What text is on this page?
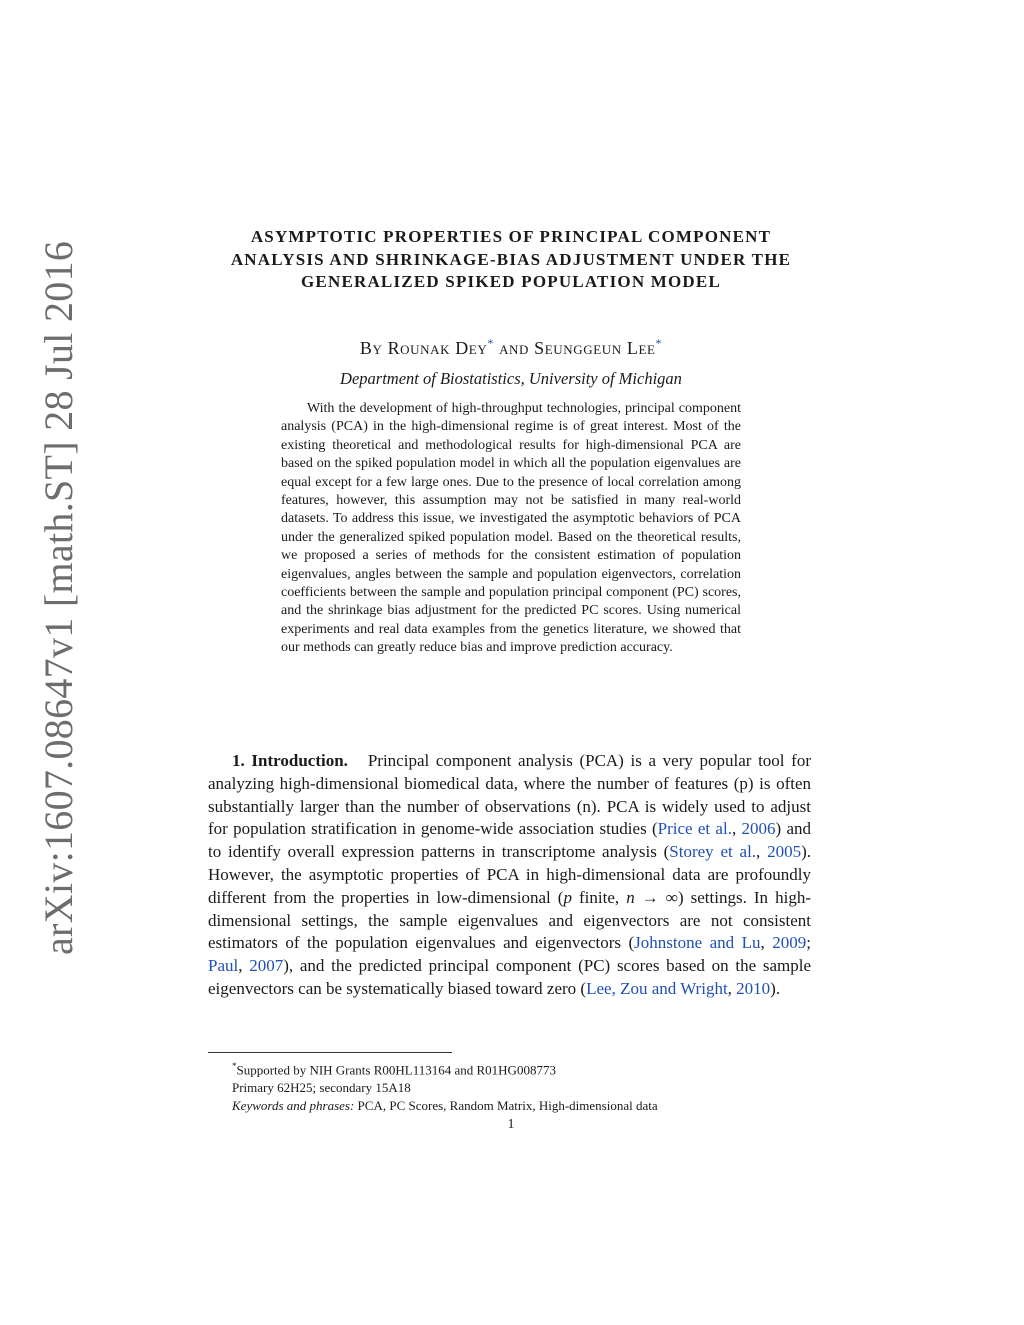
arXiv:1607.08647v1 [math.ST] 28 Jul 2016
ASYMPTOTIC PROPERTIES OF PRINCIPAL COMPONENT ANALYSIS AND SHRINKAGE-BIAS ADJUSTMENT UNDER THE GENERALIZED SPIKED POPULATION MODEL
By Rounak Dey* and Seunggeun Lee*
Department of Biostatistics, University of Michigan
With the development of high-throughput technologies, principal component analysis (PCA) in the high-dimensional regime is of great interest. Most of the existing theoretical and methodological results for high-dimensional PCA are based on the spiked population model in which all the population eigenvalues are equal except for a few large ones. Due to the presence of local correlation among features, however, this assumption may not be satisfied in many real-world datasets. To address this issue, we investigated the asymptotic behaviors of PCA under the generalized spiked population model. Based on the theoretical results, we proposed a series of methods for the consistent estimation of population eigenvalues, angles between the sample and population eigenvectors, correlation coefficients between the sample and population principal component (PC) scores, and the shrinkage bias adjustment for the predicted PC scores. Using numerical experiments and real data examples from the genetics literature, we showed that our methods can greatly reduce bias and improve prediction accuracy.
1. Introduction. Principal component analysis (PCA) is a very popular tool for analyzing high-dimensional biomedical data, where the number of features (p) is often substantially larger than the number of observations (n). PCA is widely used to adjust for population stratification in genome-wide association studies (Price et al., 2006) and to identify overall expression patterns in transcriptome analysis (Storey et al., 2005). However, the asymptotic properties of PCA in high-dimensional data are profoundly different from the properties in low-dimensional (p finite, n → ∞) settings. In high-dimensional settings, the sample eigenvalues and eigenvectors are not consistent estimators of the population eigenvalues and eigenvectors (Johnstone and Lu, 2009; Paul, 2007), and the predicted principal component (PC) scores based on the sample eigenvectors can be systematically biased toward zero (Lee, Zou and Wright, 2010).
*Supported by NIH Grants R00HL113164 and R01HG008773
Primary 62H25; secondary 15A18
Keywords and phrases: PCA, PC Scores, Random Matrix, High-dimensional data
1
